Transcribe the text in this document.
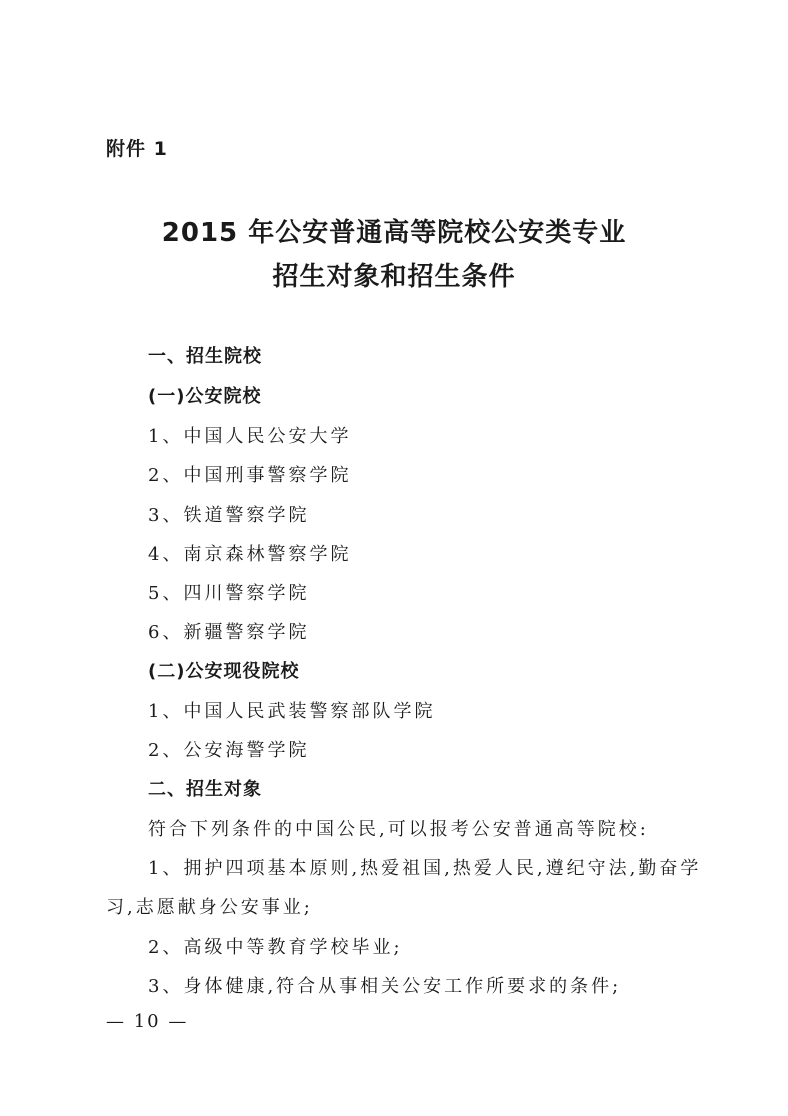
附件 1
2015 年公安普通高等院校公安类专业
招生对象和招生条件
一、招生院校
(一)公安院校
1、中国人民公安大学
2、中国刑事警察学院
3、铁道警察学院
4、南京森林警察学院
5、四川警察学院
6、新疆警察学院
(二)公安现役院校
1、中国人民武装警察部队学院
2、公安海警学院
二、招生对象
符合下列条件的中国公民,可以报考公安普通高等院校:
1、拥护四项基本原则,热爱祖国,热爱人民,遵纪守法,勤奋学
习,志愿献身公安事业;
2、高级中等教育学校毕业;
3、身体健康,符合从事相关公安工作所要求的条件;
— 10 —
